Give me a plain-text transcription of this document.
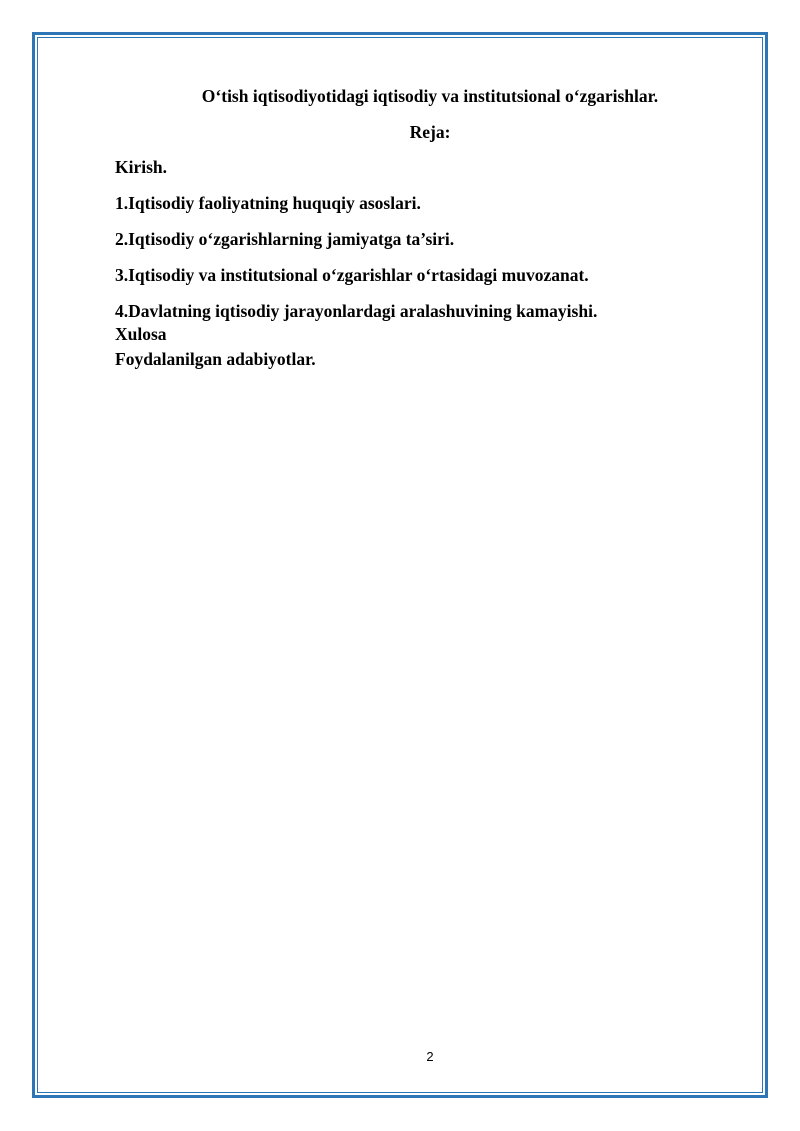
O‘tish iqtisodiyotidagi iqtisodiy va institutsional o‘zgarishlar.
Reja:
Kirish.
1.Iqtisodiy faoliyatning huquqiy asoslari.
2.Iqtisodiy o‘zgarishlarning jamiyatga ta’siri.
3.Iqtisodiy va institutsional o‘zgarishlar o‘rtasidagi muvozanat.
4.Davlatning iqtisodiy jarayonlardagi aralashuvining kamayishi.
Xulosa
Foydalanilgan adabiyotlar.
2
